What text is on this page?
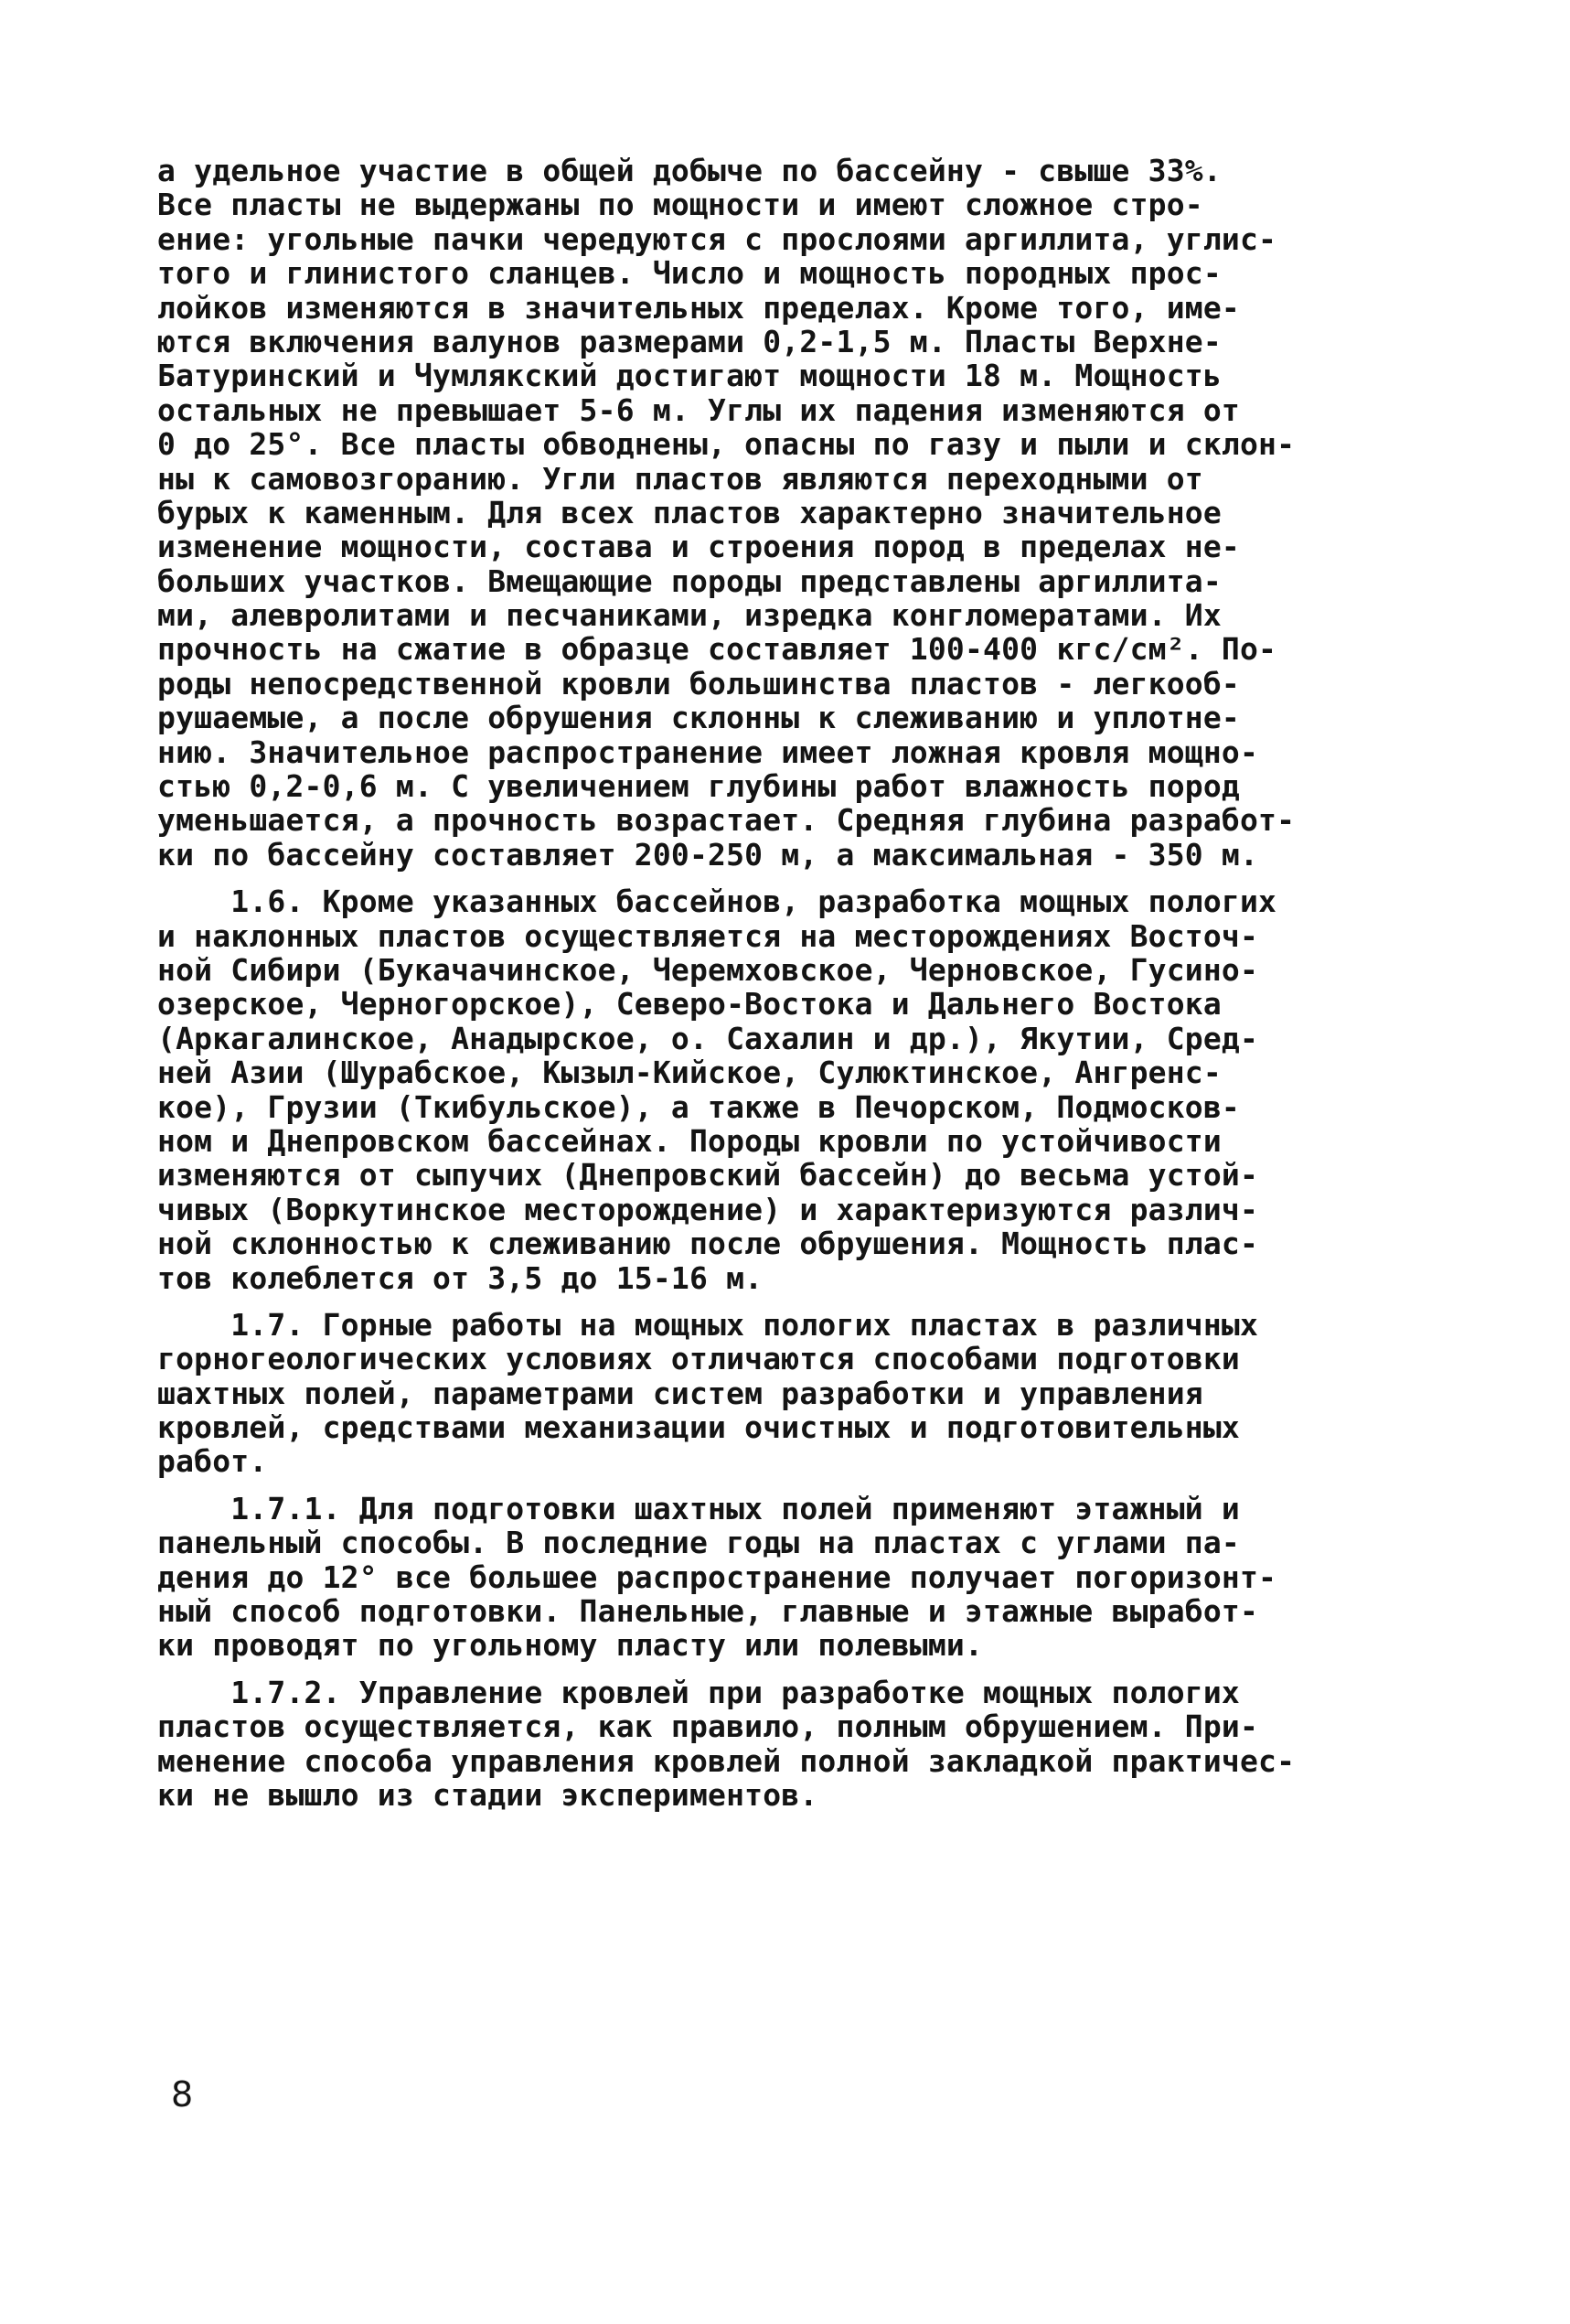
а удельное участие в общей добыче по бассейну - свыше 33%.
Все пласты не выдержаны по мощности и имеют сложное стро-
ение: угольные пачки чередуются с прослоями аргиллита, углис-
того и глинистого сланцев. Число и мощность породных прос-
лойков изменяются в значительных пределах. Кроме того, име-
ются включения валунов размерами 0,2-1,5 м. Пласты Верхне-
Батуринский и Чумлякский достигают мощности 18 м. Мощность
остальных не превышает 5-6 м. Углы их падения изменяются от
0 до 25°. Все пласты обводнены, опасны по газу и пыли и склон-
ны к самовозгоранию. Угли пластов являются переходными от
бурых к каменным. Для всех пластов характерно значительное
изменение мощности, состава и строения пород в пределах не-
больших участков. Вмещающие породы представлены аргиллита-
ми, алевролитами и песчаниками, изредка конгломератами. Их
прочность на сжатие в образце составляет 100-400 кгс/см². По-
роды непосредственной кровли большинства пластов - легкооб-
рушаемые, а после обрушения склонны к слеживанию и уплотне-
нию. Значительное распространение имеет ложная кровля мощно-
стью 0,2-0,6 м. С увеличением глубины работ влажность пород
уменьшается, а прочность возрастает. Средняя глубина разработ-
ки по бассейну составляет 200-250 м, а максимальная - 350 м.
1.6. Кроме указанных бассейнов, разработка мощных пологих
и наклонных пластов осуществляется на месторождениях Восточ-
ной Сибири (Букачачинское, Черемховское, Черновское, Гусино-
озерское, Черногорское), Северо-Востока и Дальнего Востока
(Аркагалинское, Анадырское, о. Сахалин и др.), Якутии, Сред-
ней Азии (Шурабское, Кызыл-Кийское, Сулюктинское, Ангренс-
кое), Грузии (Ткибульское), а также в Печорском, Подмосков-
ном и Днепровском бассейнах. Породы кровли по устойчивости
изменяются от сыпучих (Днепровский бассейн) до весьма устой-
чивых (Воркутинское месторождение) и характеризуются различ-
ной склонностью к слеживанию после обрушения. Мощность плас-
тов колеблется от 3,5 до 15-16 м.
1.7. Горные работы на мощных пологих пластах в различных
горногеологических условиях отличаются способами подготовки
шахтных полей, параметрами систем разработки и управления
кровлей, средствами механизации очистных и подготовительных
работ.
1.7.1. Для подготовки шахтных полей применяют этажный и
панельный способы. В последние годы на пластах с углами па-
дения до 12° все большее распространение получает погоризонт-
ный способ подготовки. Панельные, главные и этажные выработ-
ки проводят по угольному пласту или полевыми.
1.7.2. Управление кровлей при разработке мощных пологих
пластов осуществляется, как правило, полным обрушением. При-
менение способа управления кровлей полной закладкой практичес-
ки не вышло из стадии экспериментов.
8
